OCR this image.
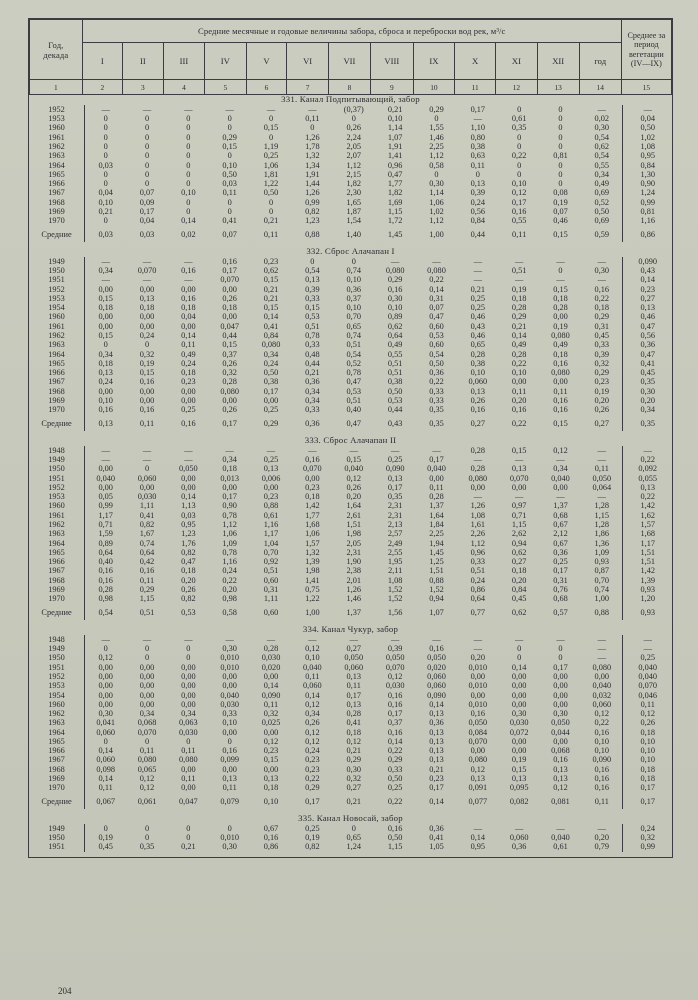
Год,
декада	Средние месячные и годовые величины забора, сброса и переброски вод рек, м³/с													Среднее за период вегетации (IV—IX)
	I	II	III	IV	V	VI	VII	VIII	IX	X	XI	XII	год	
1	2	3	4	5	6	7	8	9	10	11	12	13	14	15
331. Канал Подпитывающий, забор														
1952	—	—	—	—	—	—	(0,37)	0,21	0,29	0,17	0	0	—	—
1953	0	0	0	0	0	0,11	0	0,10	0	—	0,61	0	0,02	0,04
1960	0	0	0	0	0,15	0	0,26	1,14	1,55	1,10	0,35	0	0,30	0,50
1961	0	0	0	0,29	0	1,26	2,24	1,07	1,46	0,80	0	0	0,54	1,02
1962	0	0	0	0,15	1,19	1,78	2,05	1,91	2,25	0,38	0	0	0,62	1,08
1963	0	0	0	0	0,25	1,32	2,07	1,41	1,12	0,63	0,22	0,81	0,54	0,95
1964	0,03	0	0	0,10	1,06	1,34	1,12	0,96	0,58	0,11	0	0	0,55	0,84
1965	0	0	0	0,50	1,81	1,91	2,15	0,47	0	0	0	0	0,34	1,30
1966	0	0	0	0,03	1,22	1,44	1,82	1,77	0,30	0,13	0,10	0	0,49	0,90
1967	0,04	0,07	0,10	0,11	0,50	1,26	2,30	1,82	1,14	0,39	0,12	0,08	0,69	1,24
1968	0,10	0,09	0	0	0	0,99	1,65	1,69	1,06	0,24	0,17	0,19	0,52	0,99
1969	0,21	0,17	0	0	0	0,82	1,87	1,15	1,02	0,56	0,16	0,07	0,50	0,81
1970	0	0,04	0,14	0,41	0,21	1,23	1,54	1,72	1,12	0,84	0,55	0,46	0,69	1,16
Средние	0,03	0,03	0,02	0,07	0,11	0,88	1,40	1,45	1,00	0,44	0,11	0,15	0,59	0,86

332. Сброс Алачапан I														
1949	—	—	—	0,16	0,23	0	0	—	—	—	—	—	—	0,090
1950	0,34	0,070	0,16	0,17	0,62	0,54	0,74	0,080	0,080	—	0,51	0	0,30	0,43
1951	—	—	—	0,070	0,15	0,13	0,10	0,29	0,22	—	—	—	—	0,14
1952	0,00	0,00	0,00	0,00	0,21	0,39	0,36	0,16	0,14	0,21	0,19	0,15	0,16	0,23
1953	0,15	0,13	0,16	0,26	0,21	0,33	0,37	0,30	0,31	0,25	0,18	0,18	0,22	0,27
1954	0,18	0,18	0,18	0,18	0,15	0,15	0,10	0,10	0,07	0,25	0,28	0,28	0,18	0,13
1960	0,00	0,00	0,04	0,00	0,14	0,53	0,70	0,89	0,47	0,46	0,29	0,00	0,29	0,46
1961	0,00	0,00	0,00	0,047	0,41	0,51	0,65	0,62	0,60	0,43	0,21	0,19	0,31	0,47
1962	0,15	0,24	0,14	0,44	0,84	0,78	0,74	0,64	0,53	0,46	0,14	0,080	0,45	0,56
1963	0	0	0,11	0,15	0,080	0,33	0,51	0,49	0,60	0,65	0,49	0,49	0,33	0,36
1964	0,34	0,32	0,49	0,37	0,34	0,48	0,54	0,55	0,54	0,28	0,28	0,18	0,39	0,47
1965	0,18	0,19	0,24	0,26	0,24	0,44	0,52	0,51	0,50	0,38	0,22	0,16	0,32	0,41
1966	0,13	0,15	0,18	0,32	0,50	0,21	0,78	0,51	0,36	0,10	0,10	0,080	0,29	0,45
1967	0,24	0,16	0,23	0,28	0,38	0,36	0,47	0,38	0,22	0,060	0,00	0,00	0,23	0,35
1968	0,00	0,00	0,00	0,080	0,17	0,34	0,53	0,50	0,33	0,13	0,11	0,11	0,19	0,30
1969	0,10	0,00	0,00	0,00	0,00	0,34	0,51	0,53	0,33	0,26	0,20	0,16	0,20	0,20
1970	0,16	0,16	0,25	0,26	0,25	0,33	0,40	0,44	0,35	0,16	0,16	0,16	0,26	0,34
Средние	0,13	0,11	0,16	0,17	0,29	0,36	0,47	0,43	0,35	0,27	0,22	0,15	0,27	0,35

333. Сброс Алачапан II														
1948	—	—	—	—	—	—	—	—	—	0,28	0,15	0,12	—	—
1949	—	—	—	0,34	0,25	0,16	0,15	0,25	0,17	—	—	—	—	0,22
1950	0,00	0	0,050	0,18	0,13	0,070	0,040	0,090	0,040	0,28	0,13	0,34	0,11	0,092
1951	0,040	0,060	0,00	0,013	0,006	0,00	0,12	0,13	0,00	0,080	0,070	0,040	0,050	0,055
1952	0,00	0,00	0,00	0,00	0,00	0,23	0,26	0,17	0,11	0,00	0,00	0,00	0,064	0,13
1953	0,05	0,030	0,14	0,17	0,23	0,18	0,20	0,35	0,28	—	—	—	—	0,22
1960	0,99	1,11	1,13	0,90	0,88	1,42	1,64	2,31	1,37	1,26	0,97	1,37	1,28	1,42
1961	1,17	0,41	0,03	0,78	0,61	1,77	2,61	2,31	1,64	1,08	0,71	0,68	1,15	1,62
1962	0,71	0,82	0,95	1,12	1,16	1,68	1,51	2,13	1,84	1,61	1,15	0,67	1,28	1,57
1963	1,59	1,67	1,23	1,06	1,17	1,06	1,98	2,57	2,25	2,26	2,62	2,12	1,86	1,68
1964	0,89	0,74	1,76	1,09	1,04	1,57	2,05	2,49	1,94	1,12	0,94	0,67	1,36	1,17
1965	0,64	0,64	0,82	0,78	0,70	1,32	2,31	2,55	1,45	0,96	0,62	0,36	1,09	1,51
1966	0,40	0,42	0,47	1,16	0,92	1,39	1,90	1,95	1,25	0,33	0,27	0,25	0,93	1,51
1967	0,16	0,16	0,18	0,24	0,51	1,98	2,38	2,11	1,51	0,51	0,18	0,17	0,87	1,42
1968	0,16	0,11	0,20	0,22	0,60	1,41	2,01	1,08	0,88	0,24	0,20	0,31	0,70	1,39
1969	0,28	0,29	0,26	0,20	0,31	0,75	1,26	1,52	1,52	0,86	0,84	0,76	0,74	0,93
1970	0,98	1,15	0,82	0,98	1,11	1,22	1,46	1,52	0,94	0,64	0,45	0,68	1,00	1,20
Средние	0,54	0,51	0,53	0,58	0,60	1,00	1,37	1,56	1,07	0,77	0,62	0,57	0,88	0,93

334. Канал Чукур, забор														
1948	—	—	—	—	—	—	—	—	—	—	—	—	—	—
1949	0	0	0	0,30	0,28	0,12	0,27	0,39	0,16	—	0	0	—	—
1950	0,12	0	0	0,010	0,030	0,10	0,050	0,050	0,050	0,20	0	0	—	0,25
1951	0,00	0,00	0,00	0,010	0,020	0,040	0,060	0,070	0,020	0,010	0,14	0,17	0,080	0,040
1952	0,00	0,00	0,00	0,00	0,00	0,11	0,13	0,12	0,060	0,00	0,00	0,00	0,00	0,040
1953	0,00	0,00	0,00	0,00	0,14	0,060	0,11	0,030	0,060	0,010	0,00	0,00	0,040	0,070
1954	0,00	0,00	0,00	0,040	0,090	0,14	0,17	0,16	0,090	0,00	0,00	0,00	0,032	0,046
1960	0,00	0,00	0,00	0,030	0,11	0,12	0,13	0,16	0,14	0,010	0,00	0,00	0,060	0,11
1962	0,30	0,34	0,34	0,33	0,32	0,34	0,28	0,17	0,13	0,16	0,30	0,30	0,12	0,12
1963	0,041	0,068	0,063	0,10	0,025	0,26	0,41	0,37	0,36	0,050	0,030	0,050	0,22	0,26
1964	0,060	0,070	0,030	0,00	0,00	0,12	0,18	0,16	0,13	0,084	0,072	0,044	0,16	0,18
1965	0	0	0	0	0,12	0,12	0,12	0,14	0,13	0,070	0,00	0,00	0,10	0,10
1966	0,14	0,11	0,11	0,16	0,23	0,24	0,21	0,22	0,13	0,00	0,00	0,068	0,10	0,10
1967	0,060	0,080	0,080	0,099	0,15	0,23	0,29	0,29	0,13	0,080	0,19	0,16	0,090	0,10
1968	0,098	0,065	0,00	0,00	0,00	0,23	0,30	0,33	0,21	0,12	0,15	0,13	0,16	0,18
1969	0,14	0,12	0,11	0,13	0,13	0,22	0,32	0,50	0,23	0,13	0,13	0,13	0,16	0,18
1970	0,11	0,12	0,00	0,11	0,18	0,29	0,27	0,25	0,17	0,091	0,095	0,12	0,16	0,17
Средние	0,067	0,061	0,047	0,079	0,10	0,17	0,21	0,22	0,14	0,077	0,082	0,081	0,11	0,17

335. Канал Новосай, забор														
1949	0	0	0	0	0,67	0,25	0	0,16	0,36	—	—	—	—	0,24
1950	0,19	0	0	0,010	0,16	0,19	0,65	0,50	0,41	0,14	0,060	0,040	0,20	0,32
1951	0,45	0,35	0,21	0,30	0,86	0,82	1,24	1,15	1,05	0,95	0,36	0,61	0,79	0,99

204
